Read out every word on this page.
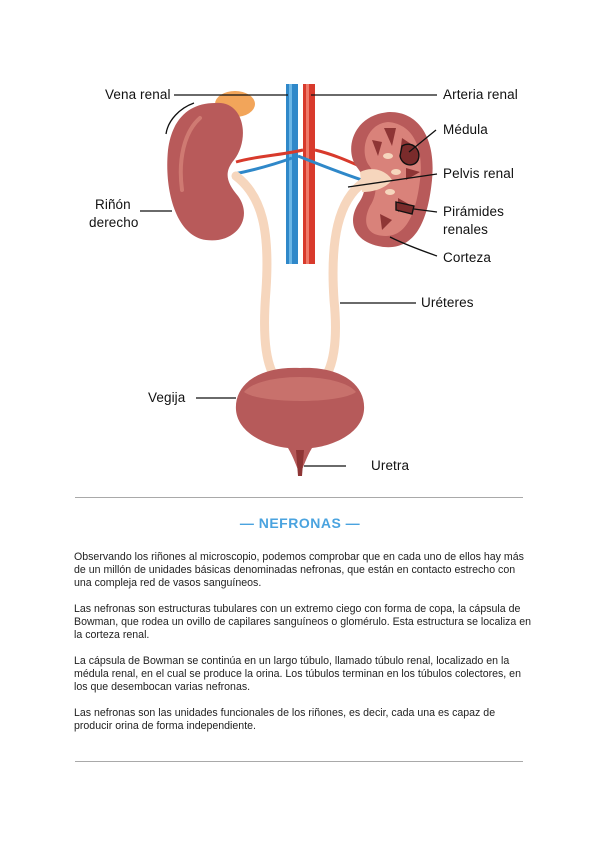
Vena renal	Arteria renal
Médula
Pelvis renal
Pirámides
renales
Corteza
Riñón
derecho
Uréteres
Vegija
Uretra
— NEFRONAS —

Observando los riñones al microscopio, podemos comprobar que en cada uno de ellos hay más de un millón de unidades básicas denominadas nefronas, que están en contacto estrecho con una compleja red de vasos sanguíneos.

Las nefronas son estructuras tubulares con un extremo ciego con forma de copa, la cápsula de Bowman, que rodea un ovillo de capilares sanguíneos o glomérulo. Esta estructura se localiza en la corteza renal.

La cápsula de Bowman se continúa en un largo túbulo, llamado túbulo renal, localizado en la médula renal, en el cual se produce la orina. Los túbulos terminan en los túbulos colectores, en los que desembocan varias nefronas.

Las nefronas son las unidades funcionales de los riñones, es decir, cada una es capaz de producir orina de forma independiente.
